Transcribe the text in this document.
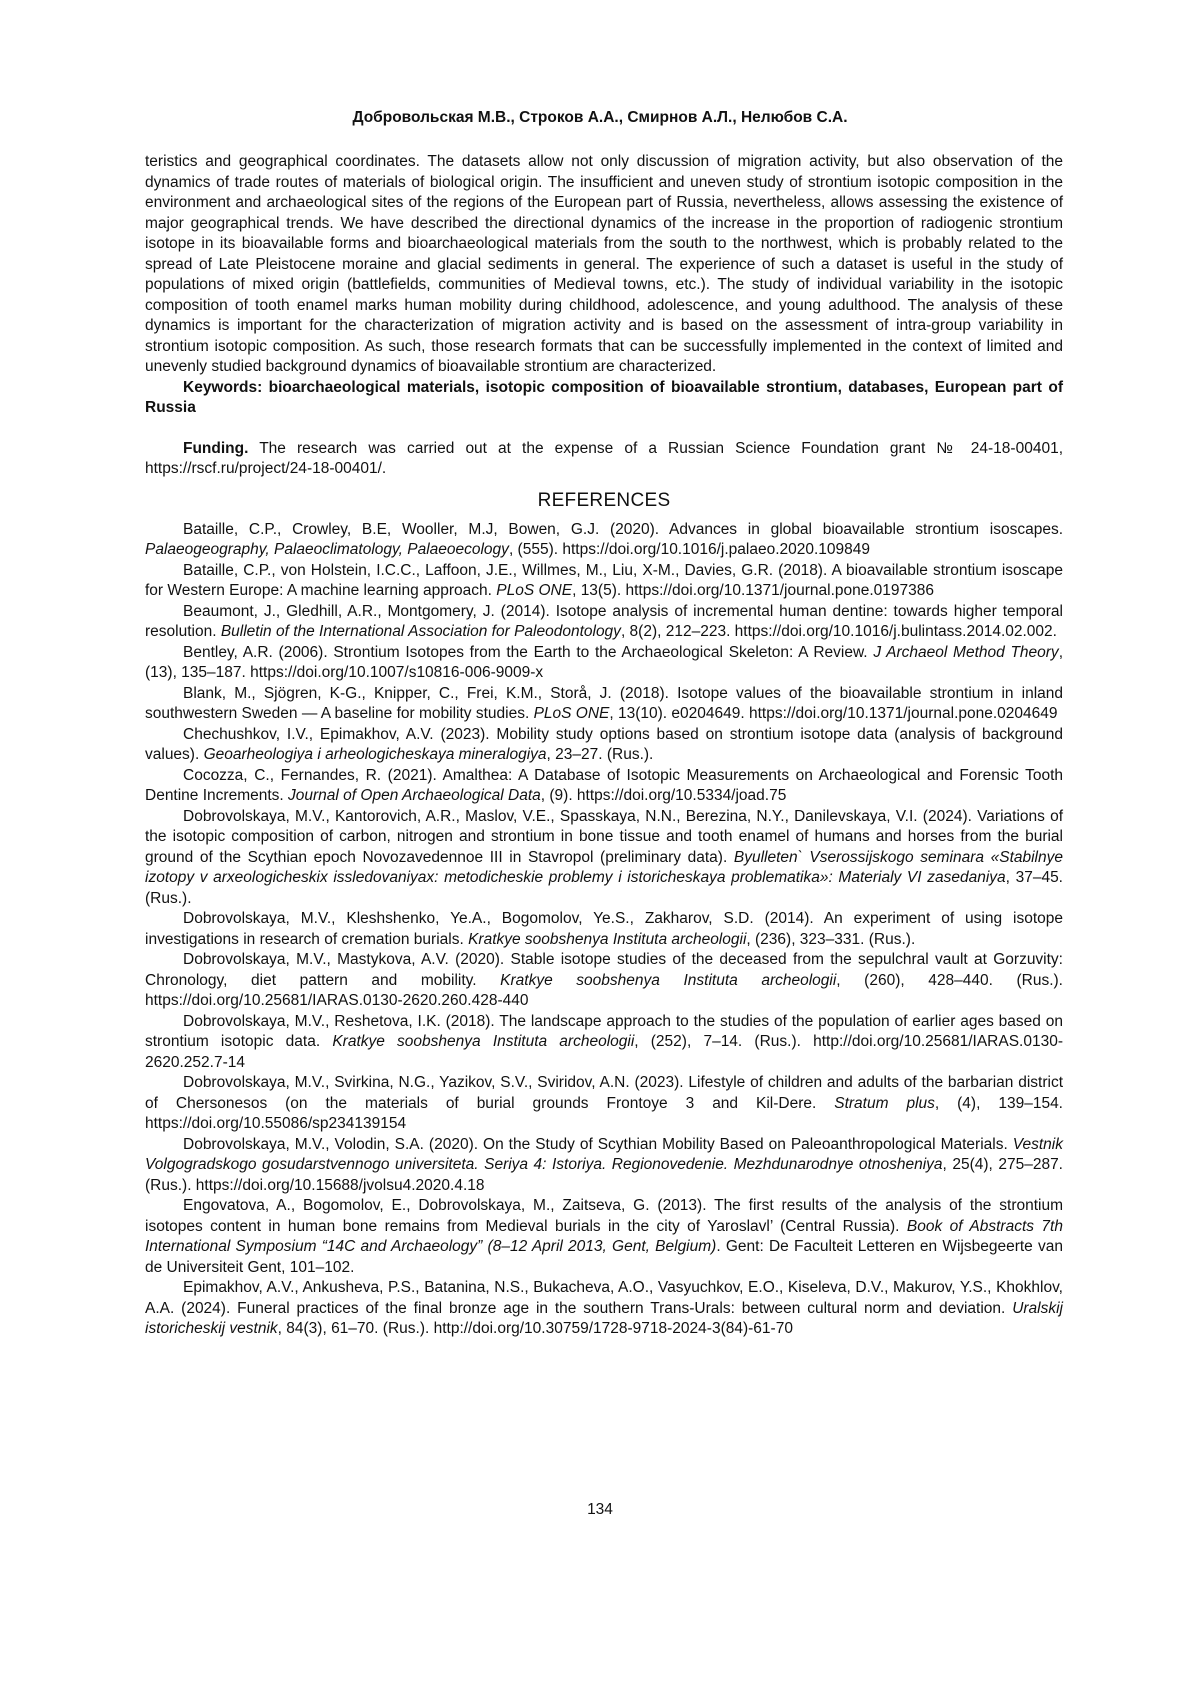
Добровольская М.В., Строков А.А., Смирнов А.Л., Нелюбов С.А.

teristics and geographical coordinates. The datasets allow not only discussion of migration activity, but also observation of the dynamics of trade routes of materials of biological origin. The insufficient and uneven study of strontium isotopic composition in the environment and archaeological sites of the regions of the European part of Russia, nevertheless, allows assessing the existence of major geographical trends. We have described the directional dynamics of the increase in the proportion of radiogenic strontium isotope in its bioavailable forms and bioarchaeological materials from the south to the northwest, which is probably related to the spread of Late Pleistocene moraine and glacial sediments in general. The experience of such a dataset is useful in the study of populations of mixed origin (battlefields, communities of Medieval towns, etc.). The study of individual variability in the isotopic composition of tooth enamel marks human mobility during childhood, adolescence, and young adulthood. The analysis of these dynamics is important for the characterization of migration activity and is based on the assessment of intra-group variability in strontium isotopic composition. As such, those research formats that can be successfully implemented in the context of limited and unevenly studied background dynamics of bioavailable strontium are characterized.

Keywords: bioarchaeological materials, isotopic composition of bioavailable strontium, databases, European part of Russia

Funding. The research was carried out at the expense of a Russian Science Foundation grant № 24-18-00401, https://rscf.ru/project/24-18-00401/.

REFERENCES

Bataille, C.P., Crowley, B.E, Wooller, M.J, Bowen, G.J. (2020). Advances in global bioavailable strontium isoscapes. Palaeogeography, Palaeoclimatology, Palaeoecology, (555). https://doi.org/10.1016/j.palaeo.2020.109849

Bataille, C.P., von Holstein, I.C.C., Laffoon, J.E., Willmes, M., Liu, X-M., Davies, G.R. (2018). A bioavailable strontium isoscape for Western Europe: A machine learning approach. PLoS ONE, 13(5). https://doi.org/10.1371/journal.pone.0197386

Beaumont, J., Gledhill, A.R., Montgomery, J. (2014). Isotope analysis of incremental human dentine: towards higher temporal resolution. Bulletin of the International Association for Paleodontology, 8(2), 212–223. https://doi.org/10.1016/j.bulintass.2014.02.002.

Bentley, A.R. (2006). Strontium Isotopes from the Earth to the Archaeological Skeleton: A Review. J Archaeol Method Theory, (13), 135–187. https://doi.org/10.1007/s10816-006-9009-x

Blank, M., Sjögren, K-G., Knipper, C., Frei, K.M., Storå, J. (2018). Isotope values of the bioavailable strontium in inland southwestern Sweden — A baseline for mobility studies. PLoS ONE, 13(10). e0204649. https://doi.org/10.1371/journal.pone.0204649

Chechushkov, I.V., Epimakhov, A.V. (2023). Mobility study options based on strontium isotope data (analysis of background values). Geoarheologiya i arheologicheskaya mineralogiya, 23–27. (Rus.).

Cocozza, C., Fernandes, R. (2021). Amalthea: A Database of Isotopic Measurements on Archaeological and Forensic Tooth Dentine Increments. Journal of Open Archaeological Data, (9). https://doi.org/10.5334/joad.75

Dobrovolskaya, M.V., Kantorovich, A.R., Maslov, V.E., Spasskaya, N.N., Berezina, N.Y., Danilevskaya, V.I. (2024). Variations of the isotopic composition of carbon, nitrogen and strontium in bone tissue and tooth enamel of humans and horses from the burial ground of the Scythian epoch Novozavedennoe III in Stavropol (preliminary data). Byulleten` Vserossijskogo seminara «Stabilnye izotopy v arxeologicheskix issledovaniyax: metodicheskie problemy i istoricheskaya problematika»: Materialy VI zasedaniya, 37–45. (Rus.).

Dobrovolskaya, M.V., Kleshshenko, Ye.A., Bogomolov, Ye.S., Zakharov, S.D. (2014). An experiment of using isotope investigations in research of cremation burials. Kratkye soobshenya Instituta archeologii, (236), 323–331. (Rus.).

Dobrovolskaya, M.V., Mastykova, A.V. (2020). Stable isotope studies of the deceased from the sepulchral vault at Gorzuvity: Chronology, diet pattern and mobility. Kratkye soobshenya Instituta archeologii, (260), 428–440. (Rus.). https://doi.org/10.25681/IARAS.0130-2620.260.428-440

Dobrovolskaya, M.V., Reshetova, I.K. (2018). The landscape approach to the studies of the population of earlier ages based on strontium isotopic data. Kratkye soobshenya Instituta archeologii, (252), 7–14. (Rus.). http://doi.org/10.25681/IARAS.0130-2620.252.7-14

Dobrovolskaya, M.V., Svirkina, N.G., Yazikov, S.V., Sviridov, A.N. (2023). Lifestyle of children and adults of the barbarian district of Chersonesos (on the materials of burial grounds Frontoye 3 and Kil-Dere. Stratum plus, (4), 139–154. https://doi.org/10.55086/sp234139154

Dobrovolskaya, M.V., Volodin, S.A. (2020). On the Study of Scythian Mobility Based on Paleoanthropological Materials. Vestnik Volgogradskogo gosudarstvennogo universiteta. Seriya 4: Istoriya. Regionovedenie. Mezhdunarodnye otnosheniya, 25(4), 275–287. (Rus.). https://doi.org/10.15688/jvolsu4.2020.4.18

Engovatova, A., Bogomolov, E., Dobrovolskaya, M., Zaitseva, G. (2013). The first results of the analysis of the strontium isotopes content in human bone remains from Medieval burials in the city of Yaroslavl’ (Central Russia). Book of Abstracts 7th International Symposium “14C and Archaeology” (8–12 April 2013, Gent, Belgium). Gent: De Faculteit Letteren en Wijsbegeerte van de Universiteit Gent, 101–102.

Epimakhov, A.V., Ankusheva, P.S., Batanina, N.S., Bukacheva, A.O., Vasyuchkov, E.O., Kiseleva, D.V., Makurov, Y.S., Khokhlov, A.A. (2024). Funeral practices of the final bronze age in the southern Trans-Urals: between cultural norm and deviation. Uralskij istoricheskij vestnik, 84(3), 61–70. (Rus.). http://doi.org/10.30759/1728-9718-2024-3(84)-61-70

134
